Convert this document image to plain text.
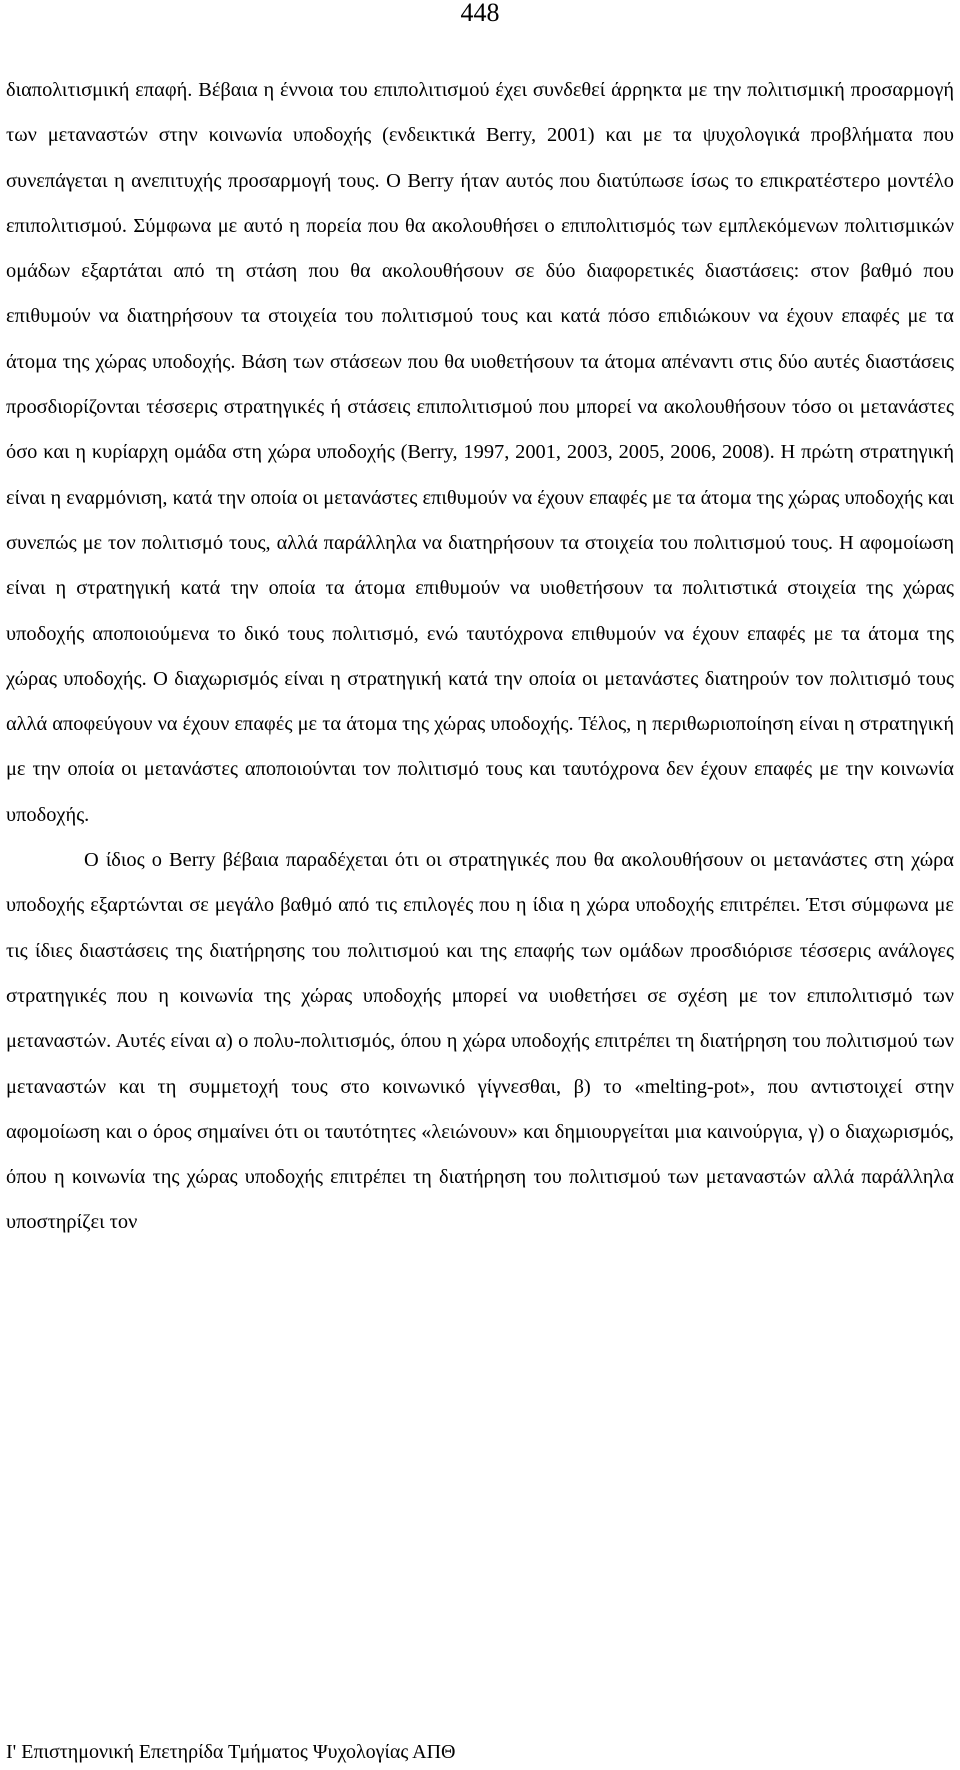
448

διαπολιτισμική επαφή. Βέβαια η έννοια του επιπολιτισμού έχει συνδεθεί άρρηκτα με την πολιτισμική προσαρμογή των μεταναστών στην κοινωνία υποδοχής (ενδεικτικά Berry, 2001) και με τα ψυχολογικά προβλήματα που συνεπάγεται η ανεπιτυχής προσαρμογή τους. Ο Berry ήταν αυτός που διατύπωσε ίσως το επικρατέστερο μοντέλο επιπολιτισμού. Σύμφωνα με αυτό η πορεία που θα ακολουθήσει ο επιπολιτισμός των εμπλεκόμενων πολιτισμικών ομάδων εξαρτάται από τη στάση που θα ακολουθήσουν σε δύο διαφορετικές διαστάσεις: στον βαθμό που επιθυμούν να διατηρήσουν τα στοιχεία του πολιτισμού τους και κατά πόσο επιδιώκουν να έχουν επαφές με τα άτομα της χώρας υποδοχής. Βάση των στάσεων που θα υιοθετήσουν τα άτομα απέναντι στις δύο αυτές διαστάσεις προσδιορίζονται τέσσερις στρατηγικές ή στάσεις επιπολιτισμού που μπορεί να ακολουθήσουν τόσο οι μετανάστες όσο και η κυρίαρχη ομάδα στη χώρα υποδοχής (Berry, 1997, 2001, 2003, 2005, 2006, 2008). Η πρώτη στρατηγική είναι η εναρμόνιση, κατά την οποία οι μετανάστες επιθυμούν να έχουν επαφές με τα άτομα της χώρας υποδοχής και συνεπώς με τον πολιτισμό τους, αλλά παράλληλα να διατηρήσουν τα στοιχεία του πολιτισμού τους. Η αφομοίωση είναι η στρατηγική κατά την οποία τα άτομα επιθυμούν να υιοθετήσουν τα πολιτιστικά στοιχεία της χώρας υποδοχής αποποιούμενα το δικό τους πολιτισμό, ενώ ταυτόχρονα επιθυμούν να έχουν επαφές με τα άτομα της χώρας υποδοχής. Ο διαχωρισμός είναι η στρατηγική κατά την οποία οι μετανάστες διατηρούν τον πολιτισμό τους αλλά αποφεύγουν να έχουν επαφές με τα άτομα της χώρας υποδοχής. Τέλος, η περιθωριοποίηση είναι η στρατηγική με την οποία οι μετανάστες αποποιούνται τον πολιτισμό τους και ταυτόχρονα δεν έχουν επαφές με την κοινωνία υποδοχής.

Ο ίδιος ο Berry βέβαια παραδέχεται ότι οι στρατηγικές που θα ακολουθήσουν οι μετανάστες στη χώρα υποδοχής εξαρτώνται σε μεγάλο βαθμό από τις επιλογές που η ίδια η χώρα υποδοχής επιτρέπει. Έτσι σύμφωνα με τις ίδιες διαστάσεις της διατήρησης του πολιτισμού και της επαφής των ομάδων προσδιόρισε τέσσερις ανάλογες στρατηγικές που η κοινωνία της χώρας υποδοχής μπορεί να υιοθετήσει σε σχέση με τον επιπολιτισμό των μεταναστών. Αυτές είναι α) ο πολυ-πολιτισμός, όπου η χώρα υποδοχής επιτρέπει τη διατήρηση του πολιτισμού των μεταναστών και τη συμμετοχή τους στο κοινωνικό γίγνεσθαι, β) το «melting-pot», που αντιστοιχεί στην αφομοίωση και ο όρος σημαίνει ότι οι ταυτότητες «λειώνουν» και δημιουργείται μια καινούργια, γ) ο διαχωρισμός, όπου η κοινωνία της χώρας υποδοχής επιτρέπει τη διατήρηση του πολιτισμού των μεταναστών αλλά παράλληλα υποστηρίζει τον

Ι' Επιστημονική Επετηρίδα Τμήματος Ψυχολογίας ΑΠΘ
